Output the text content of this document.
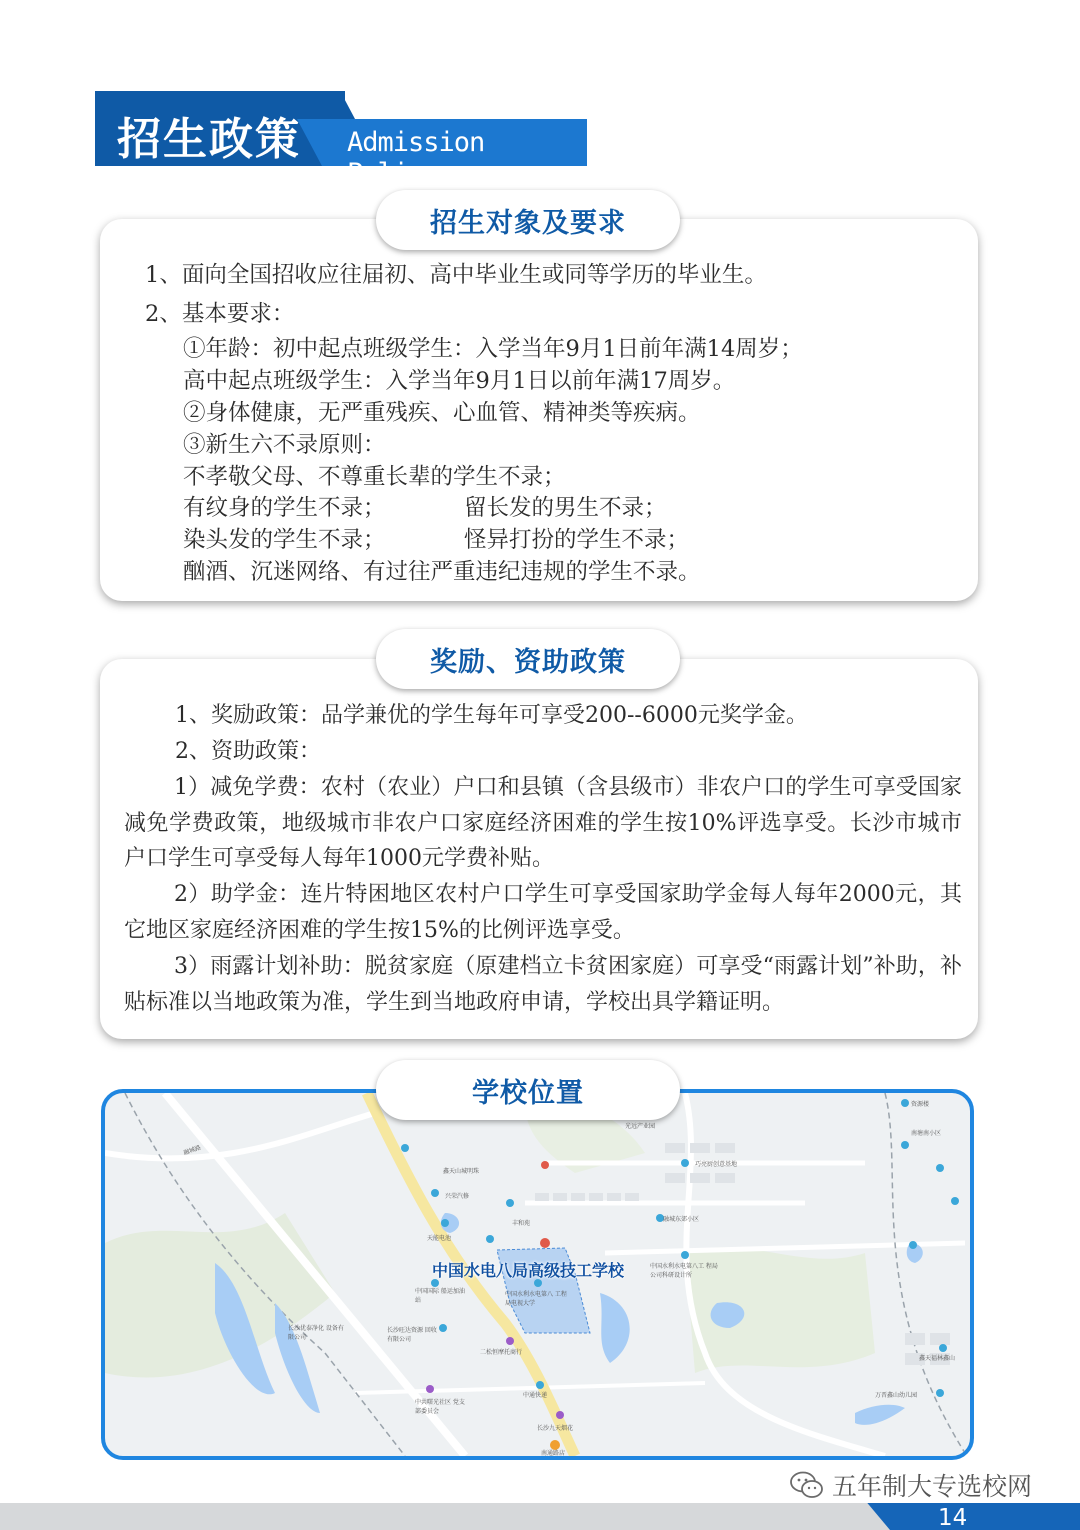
招生政策 Admission Policy
招生对象及要求
1、面向全国招收应往届初、高中毕业生或同等学历的毕业生。
2、基本要求：
①年龄：初中起点班级学生：入学当年9月1日前年满14周岁；
高中起点班级学生：入学当年9月1日以前年满17周岁。
②身体健康，无严重残疾、心血管、精神类等疾病。
③新生六不录原则：
不孝敬父母、不尊重长辈的学生不录；
有纹身的学生不录；	留长发的男生不录；
染头发的学生不录；	怪异打扮的学生不录；
酗酒、沉迷网络、有过往严重违纪违规的学生不录。
奖励、资助政策
1、奖励政策：品学兼优的学生每年可享受200--6000元奖学金。
2、资助政策：
1）减免学费：农村（农业）户口和县镇（含县级市）非农户口的学生可享受国家减免学费政策，地级城市非农户口家庭经济困难的学生按10%评选享受。长沙市城市户口学生可享受每人每年1000元学费补贴。
2）助学金：连片特困地区农村户口学生可享受国家助学金每人每年2000元，其它地区家庭经济困难的学生按15%的比例评选享受。
3）雨露计划补助：脱贫家庭（原建档立卡贫困家庭）可享受“雨露计划”补助，补贴标准以当地政策为准，学生到当地政府申请，学校出具学籍证明。
融城路
鑫天山城明珠
兴荣汽修
天能电池
中国国际 船运加油站
长沙优泰净化 设备有限公司
长沙旺达资源 回收有限公司
二松恒摩托商行
中通快递
中共曙光社区 党支部委员会
长沙九天烟花
南通路店
丰和苑
融城东郊小区
中国水利水电第八 工程局电视大学
中国水利水电第八工 程局公司科研设计所
巧亮厨创意基地
光远产业园
资源楼
南塘南小区
万晋鑫山幼儿园
鑫天福林鑫山
中国水电八局高级技工学校
学校位置
五年制大专选校网
14
